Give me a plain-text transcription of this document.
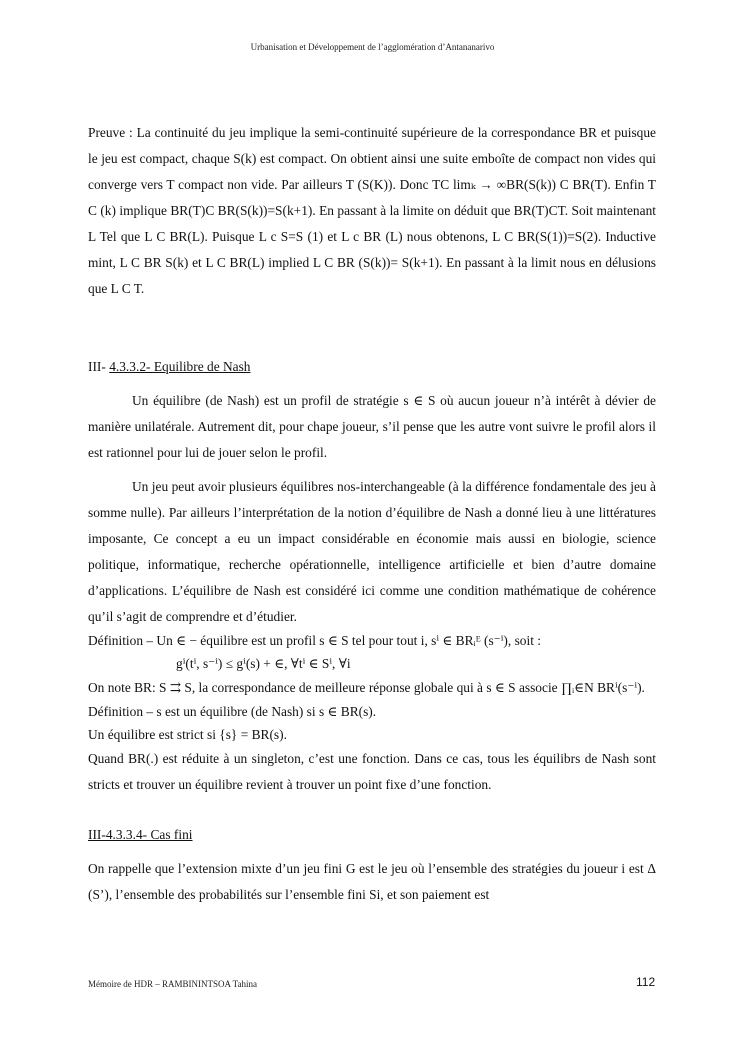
Urbanisation et Développement de l’agglomération d’Antananarivo

Preuve : La continuité du jeu implique la semi-continuité supérieure de la correspondance BR et puisque le jeu est compact, chaque S(k) est compact. On obtient ainsi une suite emboîte de compact non vides qui converge vers T compact non vide. Par ailleurs T (S(K)). Donc TC limₖ → ∞BR(S(k)) C BR(T). Enfin T C (k) implique BR(T)C BR(S(k))=S(k+1). En passant à la limite on déduit que BR(T)CT. Soit maintenant L Tel que L C BR(L). Puisque L c S=S (1) et L c BR (L) nous obtenons, L C BR(S(1))=S(2). Inductive mint, L C BR S(k) et L C BR(L) implied L C BR (S(k))= S(k+1). En passant à la limit nous en délusions que L C T.

III- 4.3.3.2- Equilibre de Nash

Un équilibre (de Nash) est un profil de stratégie s ∈ S où aucun joueur n’à intérêt à dévier de manière unilatérale. Autrement dit, pour chape joueur, s’il pense que les autre vont suivre le profil alors il est rationnel pour lui de jouer selon le profil.

Un jeu peut avoir plusieurs équilibres nos-interchangeable (à la différence fondamentale des jeu à somme nulle). Par ailleurs l’interprétation de la notion d’équilibre de Nash a donné lieu à une littératures imposante, Ce concept a eu un impact considérable en économie mais aussi en biologie, science politique, informatique, recherche opérationnelle, intelligence artificielle et bien d’autre domaine d’applications. L’équilibre de Nash est considéré ici comme une condition mathématique de cohérence qu’il s’agit de comprendre et d’étudier.

Définition – Un ∈ − équilibre est un profil s ∈ S tel pour tout i, sⁱ ∈ BRᵢᴱ (s⁻ⁱ), soit :

gⁱ(tⁱ, s⁻ⁱ) ≤ gⁱ(s) + ∈, ∀tⁱ ∈ Sⁱ, ∀i

On note BR: S ⇉ S, la correspondance de meilleure réponse globale qui à s ∈ S associe ∏ᵢ∈N BRⁱ(s⁻ⁱ).

Définition – s est un équilibre (de Nash) si s ∈ BR(s).

Un équilibre est strict si {s} = BR(s).

Quand BR(.) est réduite à un singleton, c’est une fonction. Dans ce cas, tous les équilibrs de Nash sont stricts et trouver un équilibre revient à trouver un point fixe d’une fonction.

III-4.3.3.4- Cas fini

On rappelle que l’extension mixte d’un jeu fini G est le jeu où l’ensemble des stratégies du joueur i est Δ (S’), l’ensemble des probabilités sur l’ensemble fini Si, et son paiement est

Mémoire de HDR – RAMBININTSOA Tahina	112
